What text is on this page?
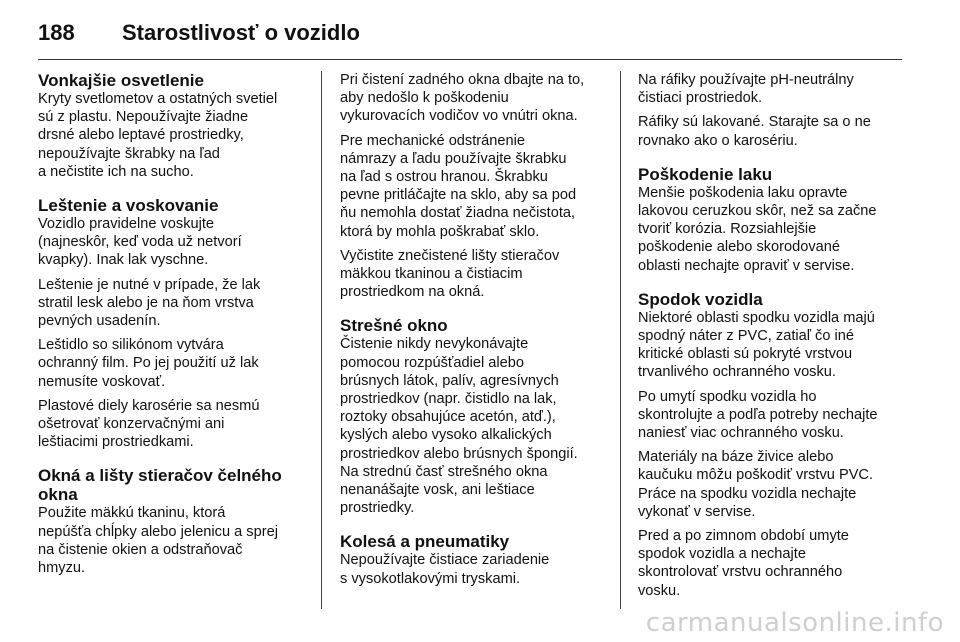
188 Starostlivosť o vozidlo
Vonkajšie osvetlenie

Kryty svetlometov a ostatných svetiel
sú z plastu. Nepoužívajte žiadne
drsné alebo leptavé prostriedky,
nepoužívajte škrabky na ľad
a nečistite ich na sucho.

Leštenie a voskovanie

Vozidlo pravidelne voskujte
(najneskôr, keď voda už netvorí
kvapky). Inak lak vyschne.

Leštenie je nutné v prípade, že lak
stratil lesk alebo je na ňom vrstva
pevných usadenín.

Leštidlo so silikónom vytvára
ochranný film. Po jej použití už lak
nemusíte voskovať.

Plastové diely karosérie sa nesmú
ošetrovať konzervačnými ani
leštiacimi prostriedkami.

Okná a lišty stieračov čelného okna

Použite mäkkú tkaninu, ktorá
nepúšťa chĺpky alebo jelenicu a sprej
na čistenie okien a odstraňovač
hmyzu.

Pri čistení zadného okna dbajte na to,
aby nedošlo k poškodeniu
vykurovacích vodičov vo vnútri okna.

Pre mechanické odstránenie
námrazy a ľadu používajte škrabku
na ľad s ostrou hranou. Škrabku
pevne pritláčajte na sklo, aby sa pod
ňu nemohla dostať žiadna nečistota,
ktorá by mohla poškrabať sklo.

Vyčistite znečistené lišty stieračov
mäkkou tkaninou a čistiacim
prostriedkom na okná.

Strešné okno

Čistenie nikdy nevykonávajte
pomocou rozpúšťadiel alebo
brúsnych látok, palív, agresívnych
prostriedkov (napr. čistidlo na lak,
roztoky obsahujúce acetón, atď.),
kyslých alebo vysoko alkalických
prostriedkov alebo brúsnych špongií.
Na strednú časť strešného okna
nenanášajte vosk, ani leštiace
prostriedky.

Kolesá a pneumatiky

Nepoužívajte čistiace zariadenie
s vysokotlakovými tryskami.

Na ráfiky používajte pH-neutrálny
čistiaci prostriedok.

Ráfiky sú lakované. Starajte sa o ne
rovnako ako o karosériu.

Poškodenie laku

Menšie poškodenia laku opravte
lakovou ceruzkou skôr, než sa začne
tvoriť korózia. Rozsiahlejšie
poškodenie alebo skorodované
oblasti nechajte opraviť v servise.

Spodok vozidla

Niektoré oblasti spodku vozidla majú
spodný náter z PVC, zatiaľ čo iné
kritické oblasti sú pokryté vrstvou
trvanlivého ochranného vosku.

Po umytí spodku vozidla ho
skontrolujte a podľa potreby nechajte
naniesť viac ochranného vosku.

Materiály na báze živice alebo
kaučuku môžu poškodiť vrstvu PVC.
Práce na spodku vozidla nechajte
vykonať v servise.

Pred a po zimnom období umyte
spodok vozidla a nechajte
skontrolovať vrstvu ochranného
vosku.

carmanualsonline.info
